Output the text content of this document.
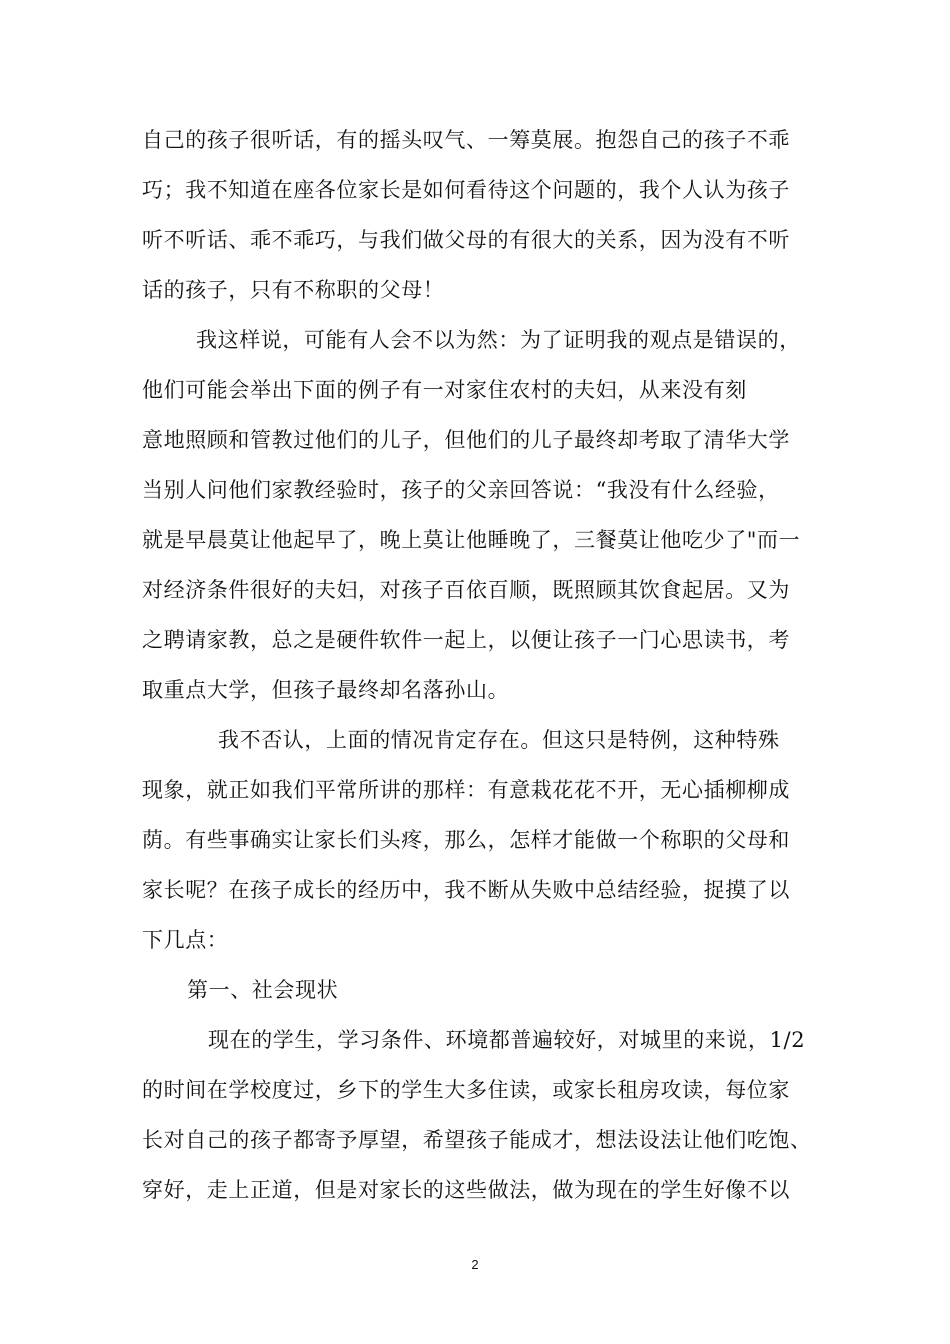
自己的孩子很听话，有的摇头叹气、一筹莫展。抱怨自己的孩子不乖
巧；我不知道在座各位家长是如何看待这个问题的，我个人认为孩子
听不听话、乖不乖巧，与我们做父母的有很大的关系，因为没有不听
话的孩子，只有不称职的父母！
我这样说，可能有人会不以为然：为了证明我的观点是错误的，
他们可能会举出下面的例子有一对家住农村的夫妇，从来没有刻
意地照顾和管教过他们的儿子，但他们的儿子最终却考取了清华大学
当别人问他们家教经验时，孩子的父亲回答说：“我没有什么经验，
就是早晨莫让他起早了，晚上莫让他睡晚了，三餐莫让他吃少了"而一
对经济条件很好的夫妇，对孩子百依百顺，既照顾其饮食起居。又为
之聘请家教，总之是硬件软件一起上，以便让孩子一门心思读书，考
取重点大学，但孩子最终却名落孙山。
我不否认，上面的情况肯定存在。但这只是特例，这种特殊
现象，就正如我们平常所讲的那样：有意栽花花不开，无心插柳柳成
荫。有些事确实让家长们头疼，那么，怎样才能做一个称职的父母和
家长呢？在孩子成长的经历中，我不断从失败中总结经验，捉摸了以
下几点：
第一、社会现状
现在的学生，学习条件、环境都普遍较好，对城里的来说，1/2
的时间在学校度过，乡下的学生大多住读，或家长租房攻读，每位家
长对自己的孩子都寄予厚望，希望孩子能成才，想法设法让他们吃饱、
穿好，走上正道，但是对家长的这些做法，做为现在的学生好像不以
2
